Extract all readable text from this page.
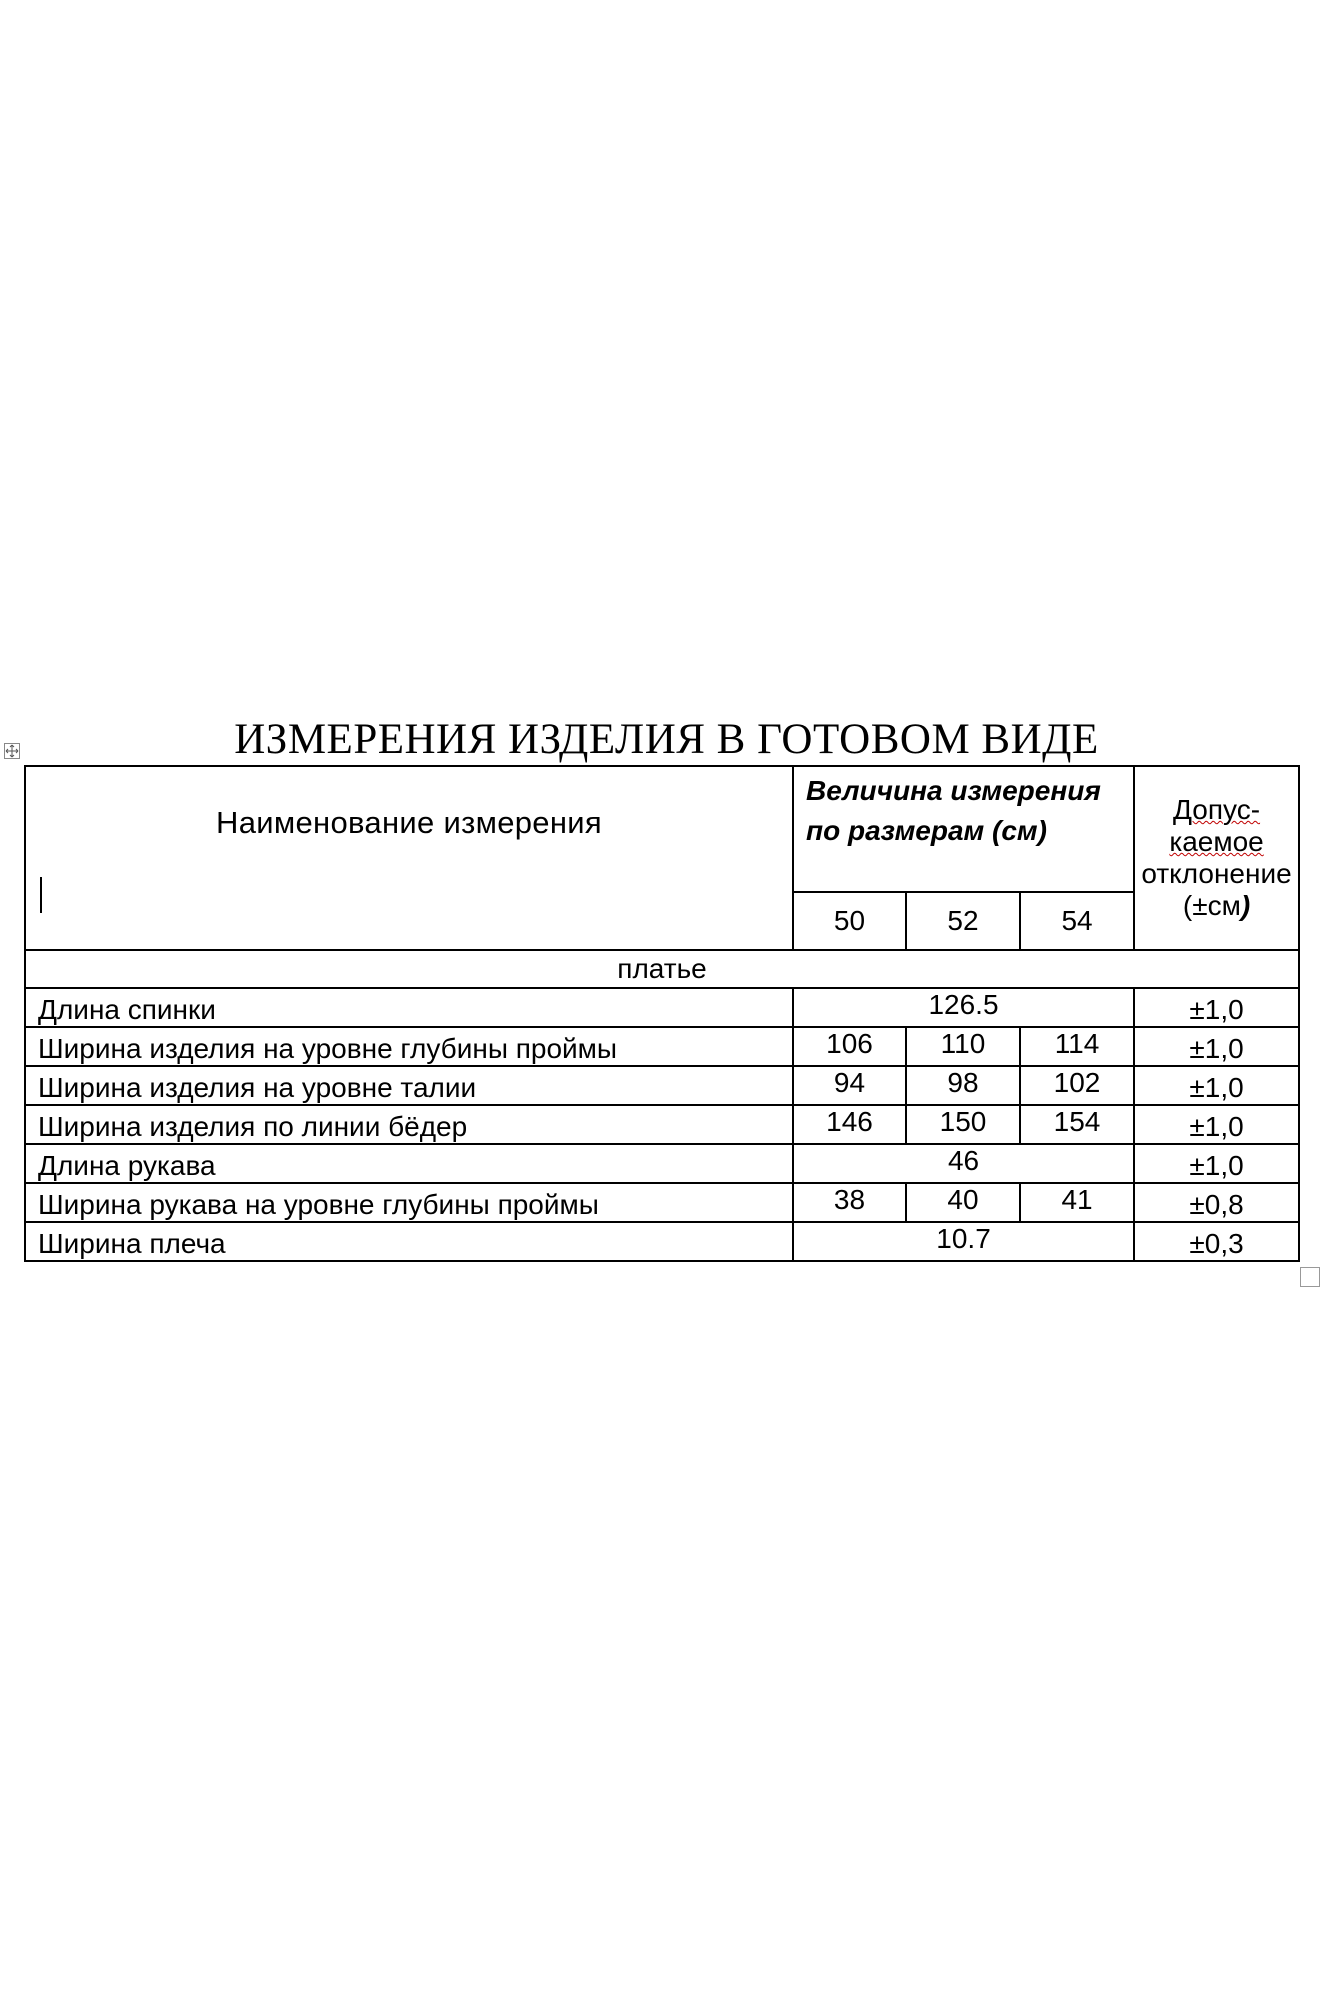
ИЗМЕРЕНИЯ ИЗДЕЛИЯ В ГОТОВОМ ВИДЕ
Наименование измерения	Величина измерения по размерам (см)			Допус-
каемое
отклонение
(±см)
	50	52	54	
платье				
Длина спинки	126.5			±1,0
Ширина изделия на уровне глубины проймы	106	110	114	±1,0
Ширина изделия на уровне талии	94	98	102	±1,0
Ширина изделия по линии бёдер	146	150	154	±1,0
Длина рукава	46			±1,0
Ширина рукава на уровне глубины проймы	38	40	41	±0,8
Ширина плеча	10.7			±0,3
